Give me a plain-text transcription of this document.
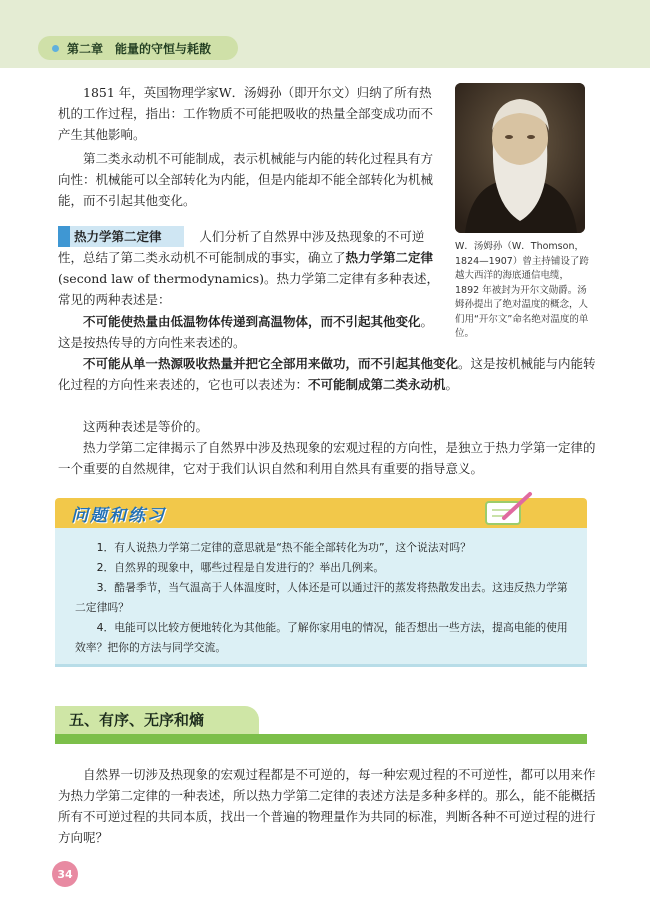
第二章　能量的守恒与耗散

1851 年，英国物理学家W．汤姆孙（即开尔文）归纳了所有热机的工作过程，指出：工作物质不可能把吸收的热量全部变成功而不产生其他影响。

第二类永动机不可能制成，表示机械能与内能的转化过程具有方向性：机械能可以全部转化为内能，但是内能却不能全部转化为机械能，而不引起其他变化。

热力学第二定律	人们分析了自然界中涉及热现象的不可逆性，总结了第二类永动机不可能制成的事实，确立了热力学第二定律(second law of thermodynamics)。热力学第二定律有多种表述，常见的两种表述是：

不可能使热量由低温物体传递到高温物体，而不引起其他变化。这是按热传导的方向性来表述的。

不可能从单一热源吸收热量并把它全部用来做功，而不引起其他变化。这是按机械能与内能转化过程的方向性来表述的，它也可以表述为：不可能制成第二类永动机。

这两种表述是等价的。

热力学第二定律揭示了自然界中涉及热现象的宏观过程的方向性，是独立于热力学第一定律的一个重要的自然规律，它对于我们认识自然和利用自然具有重要的指导意义。

W．汤姆孙（W．Thomson，1824—1907）曾主持铺设了跨越大西洋的海底通信电缆，1892 年被封为开尔文勋爵。汤姆孙提出了绝对温度的概念，人们用“开尔文”命名绝对温度的单位。
问题和练习

1．有人说热力学第二定律的意思就是“热不能全部转化为功”，这个说法对吗？

2．自然界的现象中，哪些过程是自发进行的？举出几例来。

3．酷暑季节，当气温高于人体温度时，人体还是可以通过汗的蒸发将热散发出去。这违反热力学第二定律吗？

4．电能可以比较方便地转化为其他能。了解你家用电的情况，能否想出一些方法，提高电能的使用效率？把你的方法与同学交流。

五、有序、无序和熵

自然界一切涉及热现象的宏观过程都是不可逆的，每一种宏观过程的不可逆性，都可以用来作为热力学第二定律的一种表述，所以热力学第二定律的表述方法是多种多样的。那么，能不能概括所有不可逆过程的共同本质，找出一个普遍的物理量作为共同的标准，判断各种不可逆过程的进行方向呢？

34
